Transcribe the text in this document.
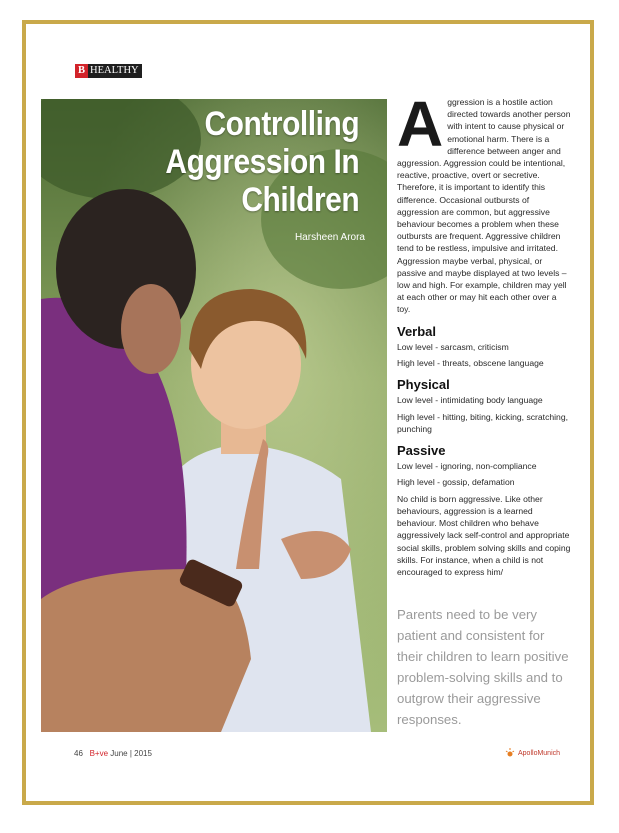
B HEALTHY
Controlling
Aggression In
Children
Harsheen Arora

Aggression is a hostile action directed towards another person with intent to cause physical or emotional harm. There is a difference between anger and aggression. Aggression could be intentional, reactive, proactive, overt or secretive. Therefore, it is important to identify this difference. Occasional outbursts of aggression are common, but aggressive behaviour becomes a problem when these outbursts are frequent. Aggressive children tend to be restless, impulsive and irritated. Aggression maybe verbal, physical, or passive and maybe displayed at two levels – low and high. For example, children may yell at each other or may hit each other over a toy.

Verbal

Low level - sarcasm, criticism

High level - threats, obscene language

Physical

Low level - intimidating body language

High level - hitting, biting, kicking, scratching, punching

Passive

Low level - ignoring, non-compliance

High level - gossip, defamation

No child is born aggressive. Like other behaviours, aggression is a learned behaviour. Most children who behave aggressively lack self-control and appropriate social skills, problem solving skills and coping skills. For instance, when a child is not encouraged to express him/

Parents need to be very patient and consistent for their children to learn positive problem-solving skills and to outgrow their aggressive responses.
46 B+ve June | 2015	ApolloMunich
